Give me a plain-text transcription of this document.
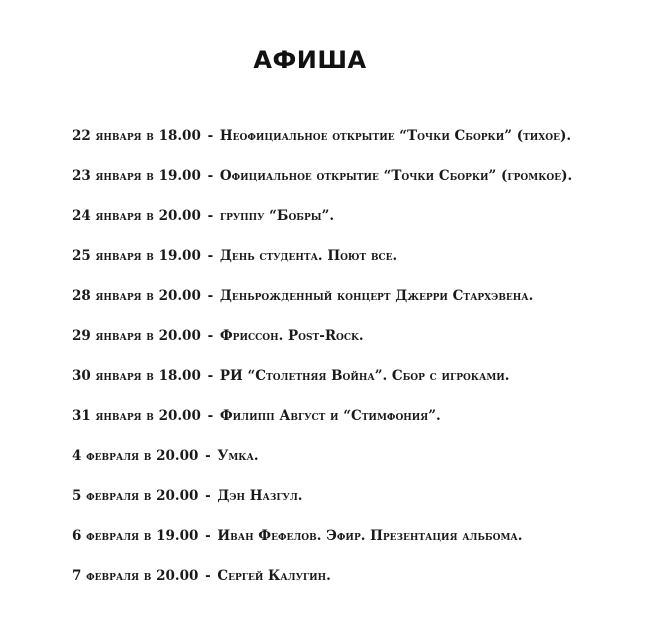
АФИША
22 января в 18.00 - Неофициальное открытие “Точки Сборки” (тихое).
23 января в 19.00 - Официальное открытие “Точки Сборки” (громкое).
24 января в 20.00 - группу “Бобры”.
25 января в 19.00 - День студента. Поют все.
28 января в 20.00 - Деньрожденный концерт Джерри Стархэвена.
29 января в 20.00 - Фриссон. Post-Rock.
30 января в 18.00 - РИ “Столетняя Война”. Сбор с игроками.
31 января в 20.00 - Филипп Август и “Стимфония”.
4 февраля в 20.00 - Умка.
5 февраля в 20.00 - Дэн Назгул.
6 февраля в 19.00 - Иван Фефелов. Эфир. Презентация альбома.
7 февраля в 20.00 - Сергей Калугин.
